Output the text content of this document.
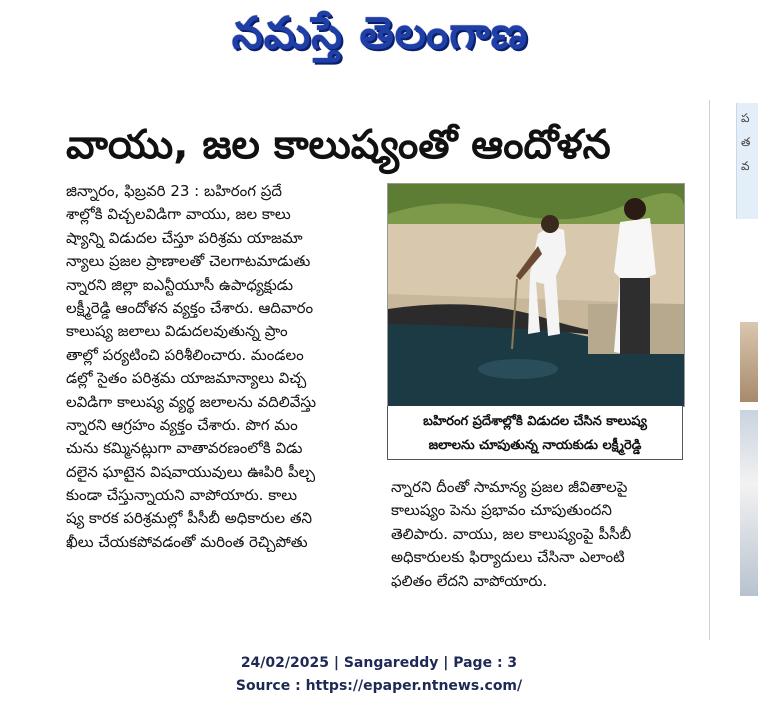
నమస్తే తెలంగాణ
ప
త
వ
వాయు, జల కాలుష్యంతో ఆందోళన
జిన్నారం, ఫిబ్రవరి 23 : బహిరంగ ప్రదే
శాల్లోకి విచ్చలవిడిగా వాయు, జల కాలు
ష్యాన్ని విడుదల చేస్తూ పరిశ్రమ యాజమా
న్యాలు ప్రజల ప్రాణాలతో చెలగాటమాడుతు
న్నారని జిల్లా ఐఎన్టీయూసీ ఉపాధ్యక్షుడు
లక్ష్మీరెడ్డి ఆందోళన వ్యక్తం చేశారు. ఆదివారం
కాలుష్య జలాలు విడుదలవుతున్న ప్రాం
తాల్లో పర్యటించి పరిశీలించారు. మండలం
డల్లో సైతం పరిశ్రమ యాజమాన్యాలు విచ్చ
లవిడిగా కాలుష్య వ్యర్థ జలాలను వదిలివేస్తు
న్నారని ఆగ్రహం వ్యక్తం చేశారు. పొగ మం
చును కమ్మినట్లుగా వాతావరణంలోకి విడు
దలైన ఘాటైన విషవాయువులు ఊపిరి పీల్చ
కుండా చేస్తున్నాయని వాపోయారు. కాలు
ష్య కారక పరిశ్రమల్లో పీసీబీ అధికారుల తని
ఖీలు చేయకపోవడంతో మరింత రెచ్చిపోతు
బహిరంగ ప్రదేశాల్లోకి విడుదల చేసిన కాలుష్య
జలాలను చూపుతున్న నాయకుడు లక్ష్మీరెడ్డి
న్నారని దీంతో సామాన్య ప్రజల జీవితాలపై
కాలుష్యం పెను ప్రభావం చూపుతుందని
తెలిపారు. వాయు, జల కాలుష్యంపై పీసీబీ
అధికారులకు ఫిర్యాదులు చేసినా ఎలాంటి
ఫలితం లేదని వాపోయారు.
24/02/2025 | Sangareddy | Page : 3
Source : https://epaper.ntnews.com/
